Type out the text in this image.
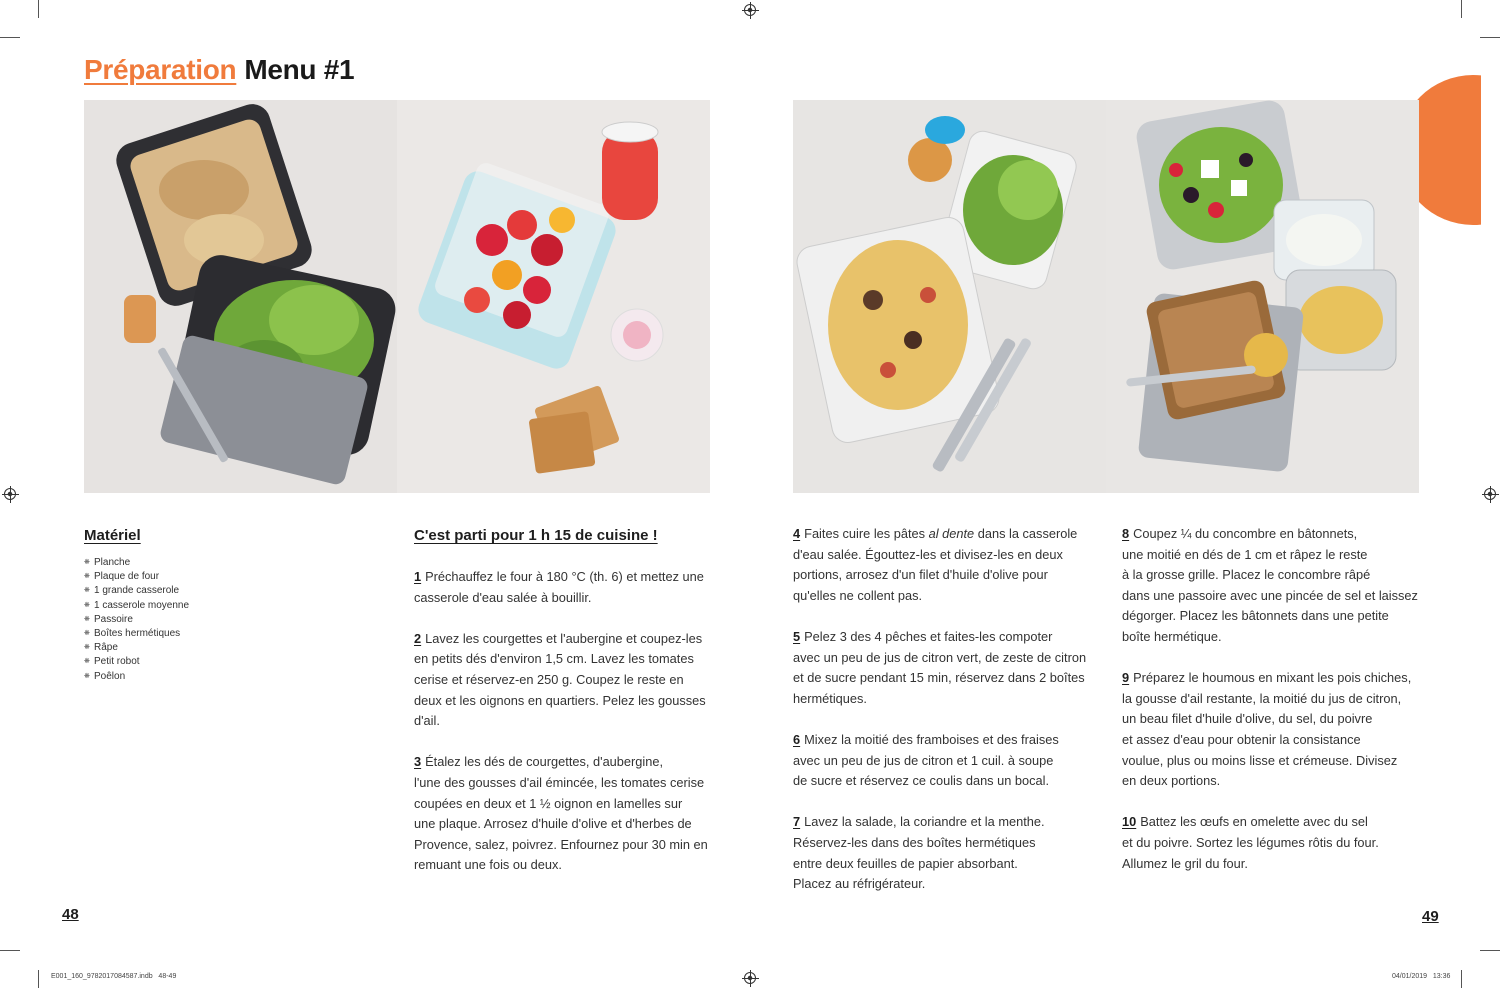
Préparation Menu #1
Matériel
❋ Planche
❋ Plaque de four
❋ 1 grande casserole
❋ 1 casserole moyenne
❋ Passoire
❋ Boîtes hermétiques
❋ Râpe
❋ Petit robot
❋ Poêlon
C'est parti pour 1 h 15 de cuisine !
1 Préchauffez le four à 180 °C (th. 6) et mettez une
casserole d'eau salée à bouillir.
2 Lavez les courgettes et l'aubergine et coupez-les
en petits dés d'environ 1,5 cm. Lavez les tomates
cerise et réservez-en 250 g. Coupez le reste en
deux et les oignons en quartiers. Pelez les gousses
d'ail.
3 Étalez les dés de courgettes, d'aubergine,
l'une des gousses d'ail émincée, les tomates cerise
coupées en deux et 1 ½ oignon en lamelles sur
une plaque. Arrosez d'huile d'olive et d'herbes de
Provence, salez, poivrez. Enfournez pour 30 min en
remuant une fois ou deux.
4 Faites cuire les pâtes al dente dans la casserole
d'eau salée. Égouttez-les et divisez-les en deux
portions, arrosez d'un filet d'huile d'olive pour
qu'elles ne collent pas.
5 Pelez 3 des 4 pêches et faites-les compoter
avec un peu de jus de citron vert, de zeste de citron
et de sucre pendant 15 min, réservez dans 2 boîtes
hermétiques.
6 Mixez la moitié des framboises et des fraises
avec un peu de jus de citron et 1 cuil. à soupe
de sucre et réservez ce coulis dans un bocal.
7 Lavez la salade, la coriandre et la menthe.
Réservez-les dans des boîtes hermétiques
entre deux feuilles de papier absorbant.
Placez au réfrigérateur.
8 Coupez ¼ du concombre en bâtonnets,
une moitié en dés de 1 cm et râpez le reste
à la grosse grille. Placez le concombre râpé
dans une passoire avec une pincée de sel et laissez
dégorger. Placez les bâtonnets dans une petite
boîte hermétique.
9 Préparez le houmous en mixant les pois chiches,
la gousse d'ail restante, la moitié du jus de citron,
un beau filet d'huile d'olive, du sel, du poivre
et assez d'eau pour obtenir la consistance
voulue, plus ou moins lisse et crémeuse. Divisez
en deux portions.
10 Battez les œufs en omelette avec du sel
et du poivre. Sortez les légumes rôtis du four.
Allumez le gril du four.
48	49
E001_160_9782017084587.indb   48-49	04/01/2019   13:36
